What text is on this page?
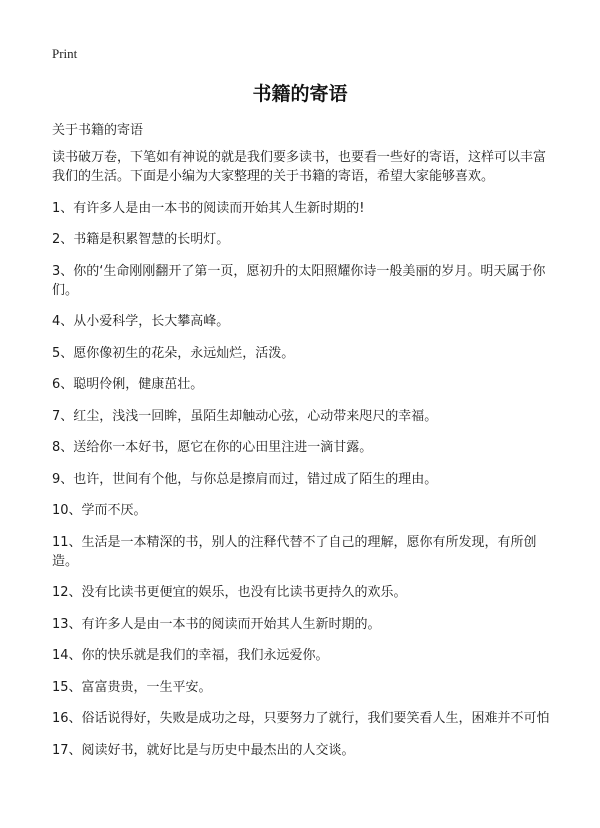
Print
书籍的寄语
关于书籍的寄语

读书破万卷，下笔如有神说的就是我们要多读书，也要看一些好的寄语，这样可以丰富我们的生活。下面是小编为大家整理的关于书籍的寄语，希望大家能够喜欢。

1、有许多人是由一本书的阅读而开始其人生新时期的!

2、书籍是积累智慧的长明灯。

3、你的‘生命刚刚翻开了第一页，愿初升的太阳照耀你诗一般美丽的岁月。明天属于你们。

4、从小爱科学，长大攀高峰。

5、愿你像初生的花朵，永远灿烂，活泼。

6、聪明伶俐，健康茁壮。

7、红尘，浅浅一回眸，虽陌生却触动心弦，心动带来咫尺的幸福。

8、送给你一本好书，愿它在你的心田里注进一滴甘露。

9、也许，世间有个他，与你总是擦肩而过，错过成了陌生的理由。

10、学而不厌。

11、生活是一本精深的书，别人的注释代替不了自己的理解，愿你有所发现，有所创造。

12、没有比读书更便宜的娱乐，也没有比读书更持久的欢乐。

13、有许多人是由一本书的阅读而开始其人生新时期的。

14、你的快乐就是我们的幸福，我们永远爱你。

15、富富贵贵，一生平安。

16、俗话说得好，失败是成功之母，只要努力了就行，我们要笑看人生，困难并不可怕

17、阅读好书，就好比是与历史中最杰出的人交谈。
